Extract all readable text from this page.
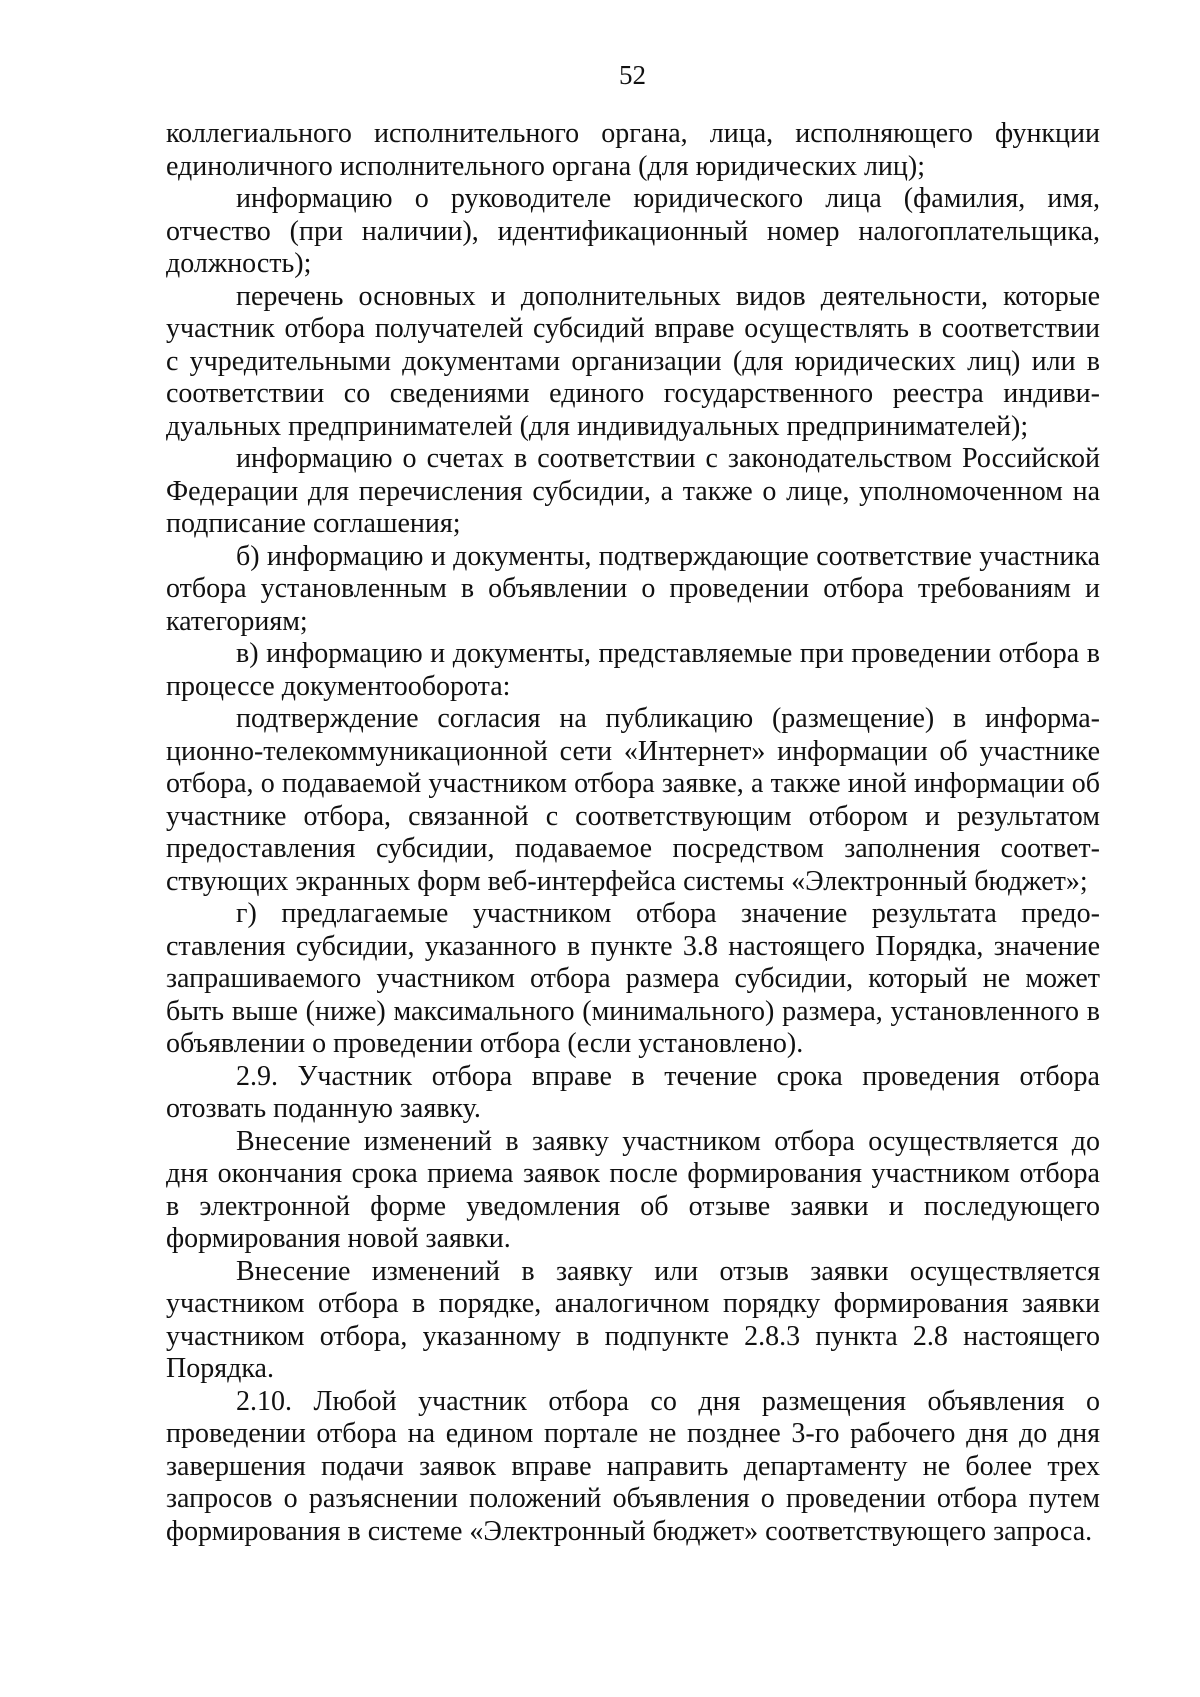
52

коллегиального исполнительного органа, лица, исполняющего функции единоличного исполнительного органа (для юридических лиц);

информацию о руководителе юридического лица (фамилия, имя, отчество (при наличии), идентификационный номер налогоплательщика, должность);

перечень основных и дополнительных видов деятельности, которые участник отбора получателей субсидий вправе осуществлять в соответствии с учредительными документами организации (для юридических лиц) или в соответствии со сведениями единого государственного реестра индивидуальных предпринимателей (для индивидуальных предпринимателей);

информацию о счетах в соответствии с законодательством Российской Федерации для перечисления субсидии, а также о лице, уполномоченном на подписание соглашения;

б) информацию и документы, подтверждающие соответствие участника отбора установленным в объявлении о проведении отбора требованиям и категориям;

в) информацию и документы, представляемые при проведении отбора в процессе документооборота:

подтверждение согласия на публикацию (размещение) в информационно-телекоммуникационной сети «Интернет» информации об участнике отбора, о подаваемой участником отбора заявке, а также иной информации об участнике отбора, связанной с соответствующим отбором и результатом предоставления субсидии, подаваемое посредством заполнения соответствующих экранных форм веб-интерфейса системы «Электронный бюджет»;

г) предлагаемые участником отбора значение результата предоставления субсидии, указанного в пункте 3.8 настоящего Порядка, значение запрашиваемого участником отбора размера субсидии, который не может быть выше (ниже) максимального (минимального) размера, установленного в объявлении о проведении отбора (если установлено).

2.9. Участник отбора вправе в течение срока проведения отбора отозвать поданную заявку.

Внесение изменений в заявку участником отбора осуществляется до дня окончания срока приема заявок после формирования участником отбора в электронной форме уведомления об отзыве заявки и последующего формирования новой заявки.

Внесение изменений в заявку или отзыв заявки осуществляется участником отбора в порядке, аналогичном порядку формирования заявки участником отбора, указанному в подпункте 2.8.3 пункта 2.8 настоящего Порядка.

2.10. Любой участник отбора со дня размещения объявления о проведении отбора на едином портале не позднее 3-го рабочего дня до дня завершения подачи заявок вправе направить департаменту не более трех запросов о разъяснении положений объявления о проведении отбора путем формирования в системе «Электронный бюджет» соответствующего запроса.
